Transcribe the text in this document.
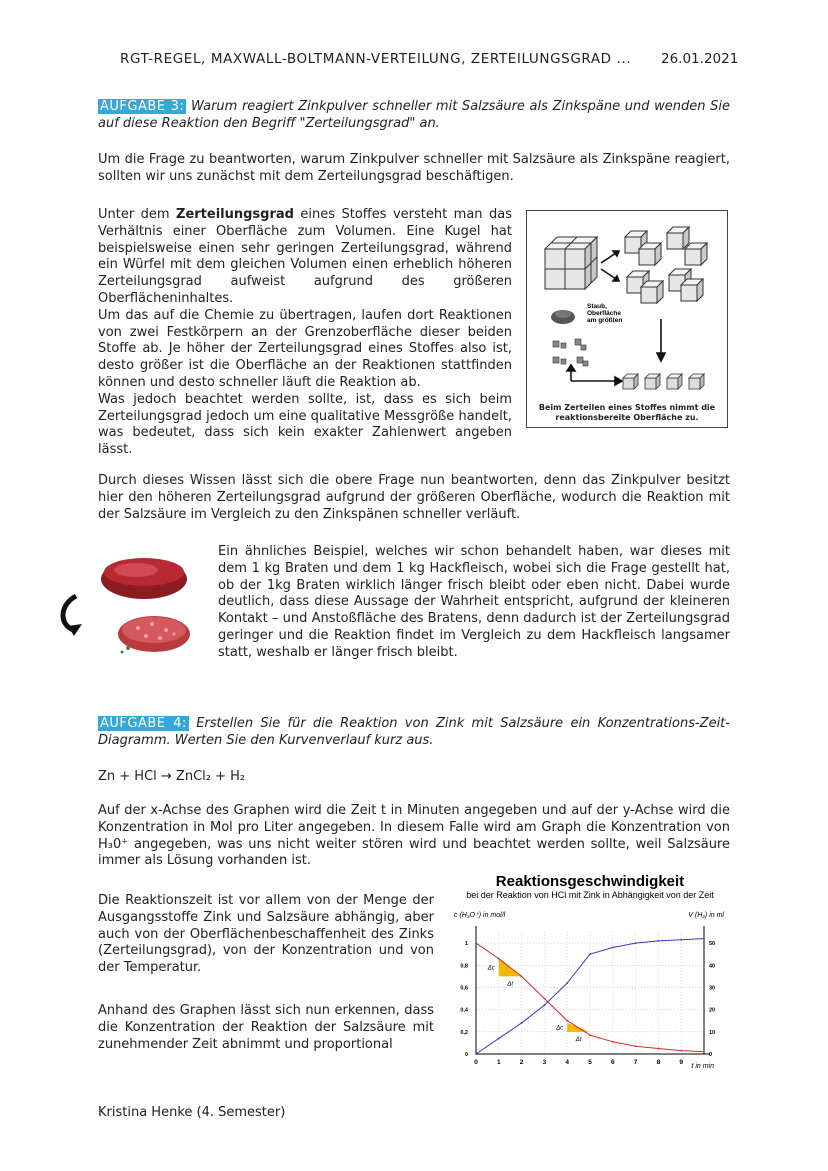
RGT-REGEL, MAXWALL-BOLTMANN-VERTEILUNG, ZERTEILUNGSGRAD ... 26.01.2021
AUFGABE 3: Warum reagiert Zinkpulver schneller mit Salzsäure als Zinkspäne und wenden Sie auf diese Reaktion den Begriff "Zerteilungsgrad" an.
Um die Frage zu beantworten, warum Zinkpulver schneller mit Salzsäure als Zinkspäne reagiert, sollten wir uns zunächst mit dem Zerteilungsgrad beschäftigen.
Unter dem Zerteilungsgrad eines Stoffes versteht man das Verhältnis einer Oberfläche zum Volumen. Eine Kugel hat beispielsweise einen sehr geringen Zerteilungsgrad, während ein Würfel mit dem gleichen Volumen einen erheblich höheren Zerteilungsgrad aufweist aufgrund des größeren Oberflächeninhaltes.
Um das auf die Chemie zu übertragen, laufen dort Reaktionen von zwei Festkörpern an der Grenzoberfläche dieser beiden Stoffe ab. Je höher der Zerteilungsgrad eines Stoffes also ist, desto größer ist die Oberfläche an der Reaktionen stattfinden können und desto schneller läuft die Reaktion ab.
Was jedoch beachtet werden sollte, ist, dass es sich beim Zerteilungsgrad jedoch um eine qualitative Messgröße handelt, was bedeutet, dass sich kein exakter Zahlenwert angeben lässt.
Staub,
Oberfläche
am größten
Beim Zerteilen eines Stoffes nimmt die
reaktionsbereite Oberfläche zu.
Durch dieses Wissen lässt sich die obere Frage nun beantworten, denn das Zinkpulver besitzt hier den höheren Zerteilungsgrad aufgrund der größeren Oberfläche, wodurch die Reaktion mit der Salzsäure im Vergleich zu den Zinkspänen schneller verläuft.
Ein ähnliches Beispiel, welches wir schon behandelt haben, war dieses mit dem 1 kg Braten und dem 1 kg Hackfleisch, wobei sich die Frage gestellt hat, ob der 1kg Braten wirklich länger frisch bleibt oder eben nicht. Dabei wurde deutlich, dass diese Aussage der Wahrheit entspricht, aufgrund der kleineren Kontakt – und Anstoßfläche des Bratens, denn dadurch ist der Zerteilungsgrad geringer und die Reaktion findet im Vergleich zu dem Hackfleisch langsamer statt, weshalb er länger frisch bleibt.
AUFGABE 4: Erstellen Sie für die Reaktion von Zink mit Salzsäure ein Konzentrations-Zeit-Diagramm. Werten Sie den Kurvenverlauf kurz aus.
Zn + HCl → ZnCl₂ + H₂
Auf der x-Achse des Graphen wird die Zeit t in Minuten angegeben und auf der y-Achse wird die Konzentration in Mol pro Liter angegeben. In diesem Falle wird am Graph die Konzentration von H₃0⁺ angegeben, was uns nicht weiter stören wird und beachtet werden sollte, weil Salzsäure immer als Lösung vorhanden ist.
Die Reaktionszeit ist vor allem von der Menge der Ausgangsstoffe Zink und Salzsäure abhängig, aber auch von der Oberflächenbeschaffenheit des Zinks (Zerteilungsgrad), von der Konzentration und von der Temperatur.
Anhand des Graphen lässt sich nun erkennen, dass die Konzentration der Reaktion der Salzsäure mit zunehmender Zeit abnimmt und proportional
Reaktionsgeschwindigkeit
bei der Reaktion von HCl mit Zink in Abhängigkeit von der Zeit
c (H₃O⁺) in mol/l	V (H₂) in ml
t in min
Δc
Δt
Δc
Δt
0	1	2	3	4	5	6	7	8	9
0
0,2
0,4
0,6
0,8
1
0
10
20
30
40
50
Kristina Henke (4. Semester)
